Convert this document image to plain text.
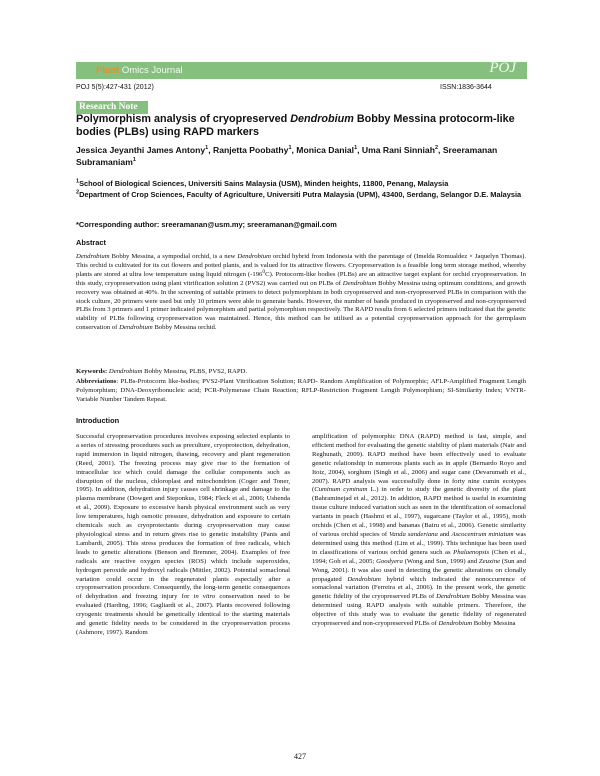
Plant Omics Journal	POJ
POJ 5(5):427-431 (2012)	ISSN:1836-3644
Research Note
Polymorphism analysis of cryopreserved Dendrobium Bobby Messina protocorm-like bodies (PLBs) using RAPD markers
Jessica Jeyanthi James Antony$^1$, Ranjetta Poobathy$^1$, Monica Danial$^1$, Uma Rani Sinniah$^2$, Sreeramanan Subramaniam$^1$
$^1$School of Biological Sciences, Universiti Sains Malaysia (USM), Minden heights, 11800, Penang, Malaysia
$^2$Department of Crop Sciences, Faculty of Agriculture, Universiti Putra Malaysia (UPM), 43400, Serdang, Selangor D.E. Malaysia
*Corresponding author: sreeramanan@usm.my; sreeramanan@gmail.com
Abstract
Dendrobium Bobby Messina, a sympodial orchid, is a new Dendrobium orchid hybrid from Indonesia with the parentage of (Imelda Romualdez × Jaquelyn Thomas). This orchid is cultivated for its cut flowers and potted plants, and is valued for its attractive flowers. Cryopreservation is a feasible long term storage method, whereby plants are stored at ultra low temperature using liquid nitrogen $(-196^0C)$. Protocorm-like bodies (PLBs) are an attractive target explant for orchid cryopreservation. In this study, cryopreservation using plant vitrification solution 2 (PVS2) was carried out on PLBs of Dendrobium Bobby Messina using optimum conditions, and growth recovery was obtained at 40%. In the screening of suitable primers to detect polymorphism in both cryopreserved and non-cryopreserved PLBs in comparison with the stock culture, 20 primers were used but only 10 primers were able to generate bands. However, the number of bands produced in cryopreserved and non-cryopreserved PLBs from 3 primers and 1 primer indicated polymorphism and partial polymorphism respectively. The RAPD results from 6 selected primers indicated that the genetic stability of PLBs following cryopreservation was maintained. Hence, this method can be utilised as a potential cryopreservation approach for the germplasm conservation of Dendrobium Bobby Messina orchid.
Keywords: Dendrobium Bobby Messina, PLBS, PVS2, RAPD.
Abbreviations: PLBs-Protocorm like-bodies; PVS2-Plant Vitrification Solution; RAPD- Random Amplification of Polymorphic; AFLP-Amplified Fragment Length Polymorphism; DNA-Deoxyribonucleic acid; PCR-Polymerase Chain Reaction; RFLP-Restriction Fragment Length Polymorphism; SI-Similarity Index; VNTR-Variable Number Tandem Repeat.
Introduction
Successful cryopreservation procedures involves exposing selected explants to a series of stressing procedures such as preculture, cryoprotection, dehydration, rapid immersion in liquid nitrogen, thawing, recovery and plant regeneration (Reed, 2001). The freezing process may give rise to the formation of intracellular ice which could damage the cellular components such as disruption of the nucleus, chloroplast and mitochondrion (Coger and Toner, 1995). In addition, dehydration injury causes cell shrinkage and damage to the plasma membrane (Dowgert and Steponkus, 1984; Fleck et al., 2006; Ushenda et al., 2009). Exposure to excessive harsh physical environment such as very low temperatures, high osmotic pressure, dehydration and exposure to certain chemicals such as cryoprotectants during cryopreservation may cause physiological stress and in return gives rise to genetic instability (Panis and Lambardi, 2005). This stress produces the formation of free radicals, which leads to genetic alterations (Benson and Bremner, 2004). Examples of free radicals are reactive oxygen species (ROS) which include superoxides, hydrogen peroxide and hydroxyl radicals (Mittler, 2002). Potential somaclonal variation could occur in the regenerated plants especially after a cryopreservation procedure. Consequently, the long-term genetic consequences of dehydration and freezing injury for in vitro conservation need to be evaluated (Harding, 1996; Gagliardi et al., 2007). Plants recovered following cryogenic treatments should be genetically identical to the starting materials and genetic fidelity needs to be considered in the cryopreservation process (Ashmore, 1997). Random
amplification of polymorphic DNA (RAPD) method is fast, simple, and efficient method for evaluating the genetic stability of plant materials (Nair and Reghunath, 2009). RAPD method have been effectively used to evaluate genetic relationship in numerous plants such as in apple (Bernardo Royo and Itoiz, 2004), sorghum (Singh et al., 2006) and sugar cane (Devarumath et al., 2007). RAPD analysis was successfully done in forty nine cumin ecotypes (Cuminum cyminum L.) in order to study the genetic diversity of the plant (Bahraminejad et al., 2012). In addition, RAPD method is useful in examining tissue culture induced variation such as seen in the identification of somaclonal variants in peach (Hashmi et al., 1997), sugarcane (Taylor et al., 1995), moth orchids (Chen et al., 1998) and bananas (Bairu et al., 2006). Genetic similarity of various orchid species of Vanda sanderiana and Ascocentrum miniatum was determined using this method (Lim et al., 1999). This technique has been used in classifications of various orchid genera such as Phalaenopsis (Chen et al., 1994; Goh et al., 2005; Goodyera (Wong and Sun, 1999) and Zeuxine (Sun and Wong, 2001). It was also used in detecting the genetic alterations on clonally propagated Dendrobium hybrid which indicated the nonoccurrence of somaclonal variation (Ferreira et al., 2006). In the present work, the genetic genetic fidelity of the cryopreserved PLBs of Dendrobium Bobby Messina was determined using RAPD analysis with suitable primers. Therefore, the objective of this study was to evaluate the genetic fidelity of regenerated cryopreserved and non-cryopreserved PLBs of Dendrobium Bobby Messina
427
